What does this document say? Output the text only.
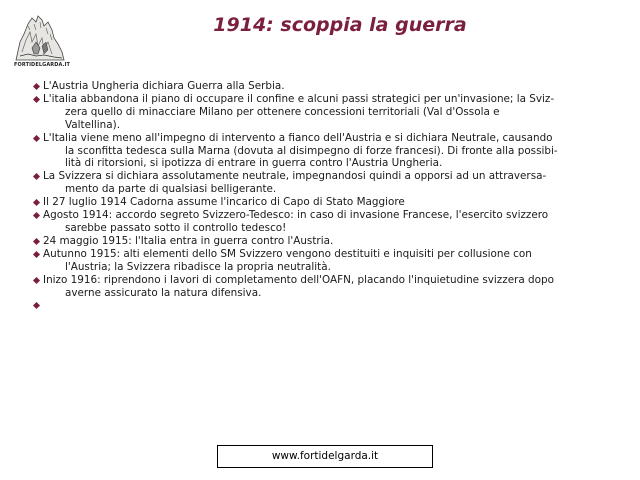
FORTIDELGARDA.IT
1914: scoppia la guerra
L'Austria Ungheria dichiara Guerra alla Serbia.
L'italia abbandona il piano di occupare il confine e alcuni passi strategici per un'invasione; la Sviz-
zera quello di minacciare Milano per ottenere concessioni territoriali (Val d'Ossola e
Valtellina).
L'Italia viene meno all'impegno di intervento a fianco dell'Austria e si dichiara Neutrale, causando
la sconfitta tedesca sulla Marna (dovuta al disimpegno di forze francesi). Di fronte alla possibi-
lità di ritorsioni, si ipotizza di entrare in guerra contro l'Austria Ungheria.
La Svizzera si dichiara assolutamente neutrale, impegnandosi quindi a opporsi ad un attraversa-
mento da parte di qualsiasi belligerante.
Il 27 luglio 1914 Cadorna assume l'incarico di Capo di Stato Maggiore
Agosto 1914: accordo segreto Svizzero-Tedesco: in caso di invasione Francese, l'esercito svizzero
sarebbe passato sotto il controllo tedesco!
24 maggio 1915: l'Italia entra in guerra contro l'Austria.
Autunno 1915: alti elementi dello SM Svizzero vengono destituiti e inquisiti per collusione con
l'Austria; la Svizzera ribadisce la propria neutralità.
Inizo 1916: riprendono i lavori di completamento dell'OAFN, placando l'inquietudine svizzera dopo
averne assicurato la natura difensiva.

www.fortidelgarda.it
